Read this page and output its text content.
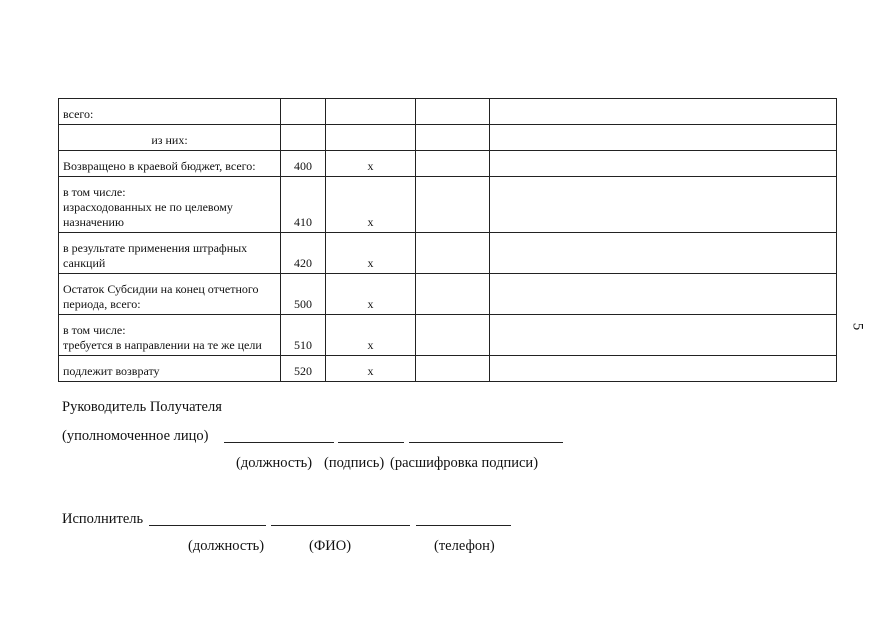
всего:				

из них:				

Возвращено в краевой бюджет, всего:	400	х		

в том числе:
израсходованных не по целевому
назначению	410	х		

в результате применения штрафных
санкций	420	х		

Остаток Субсидии на конец отчетного
периода, всего:	500	х		

в том числе:
требуется в направлении на те же цели	510	х		

подлежит возврату	520	х		
5
Руководитель Получателя
(уполномоченное лицо)
(должность) (подпись) (расшифровка подписи)
Исполнитель
(должность)	(ФИО)	(телефон)
